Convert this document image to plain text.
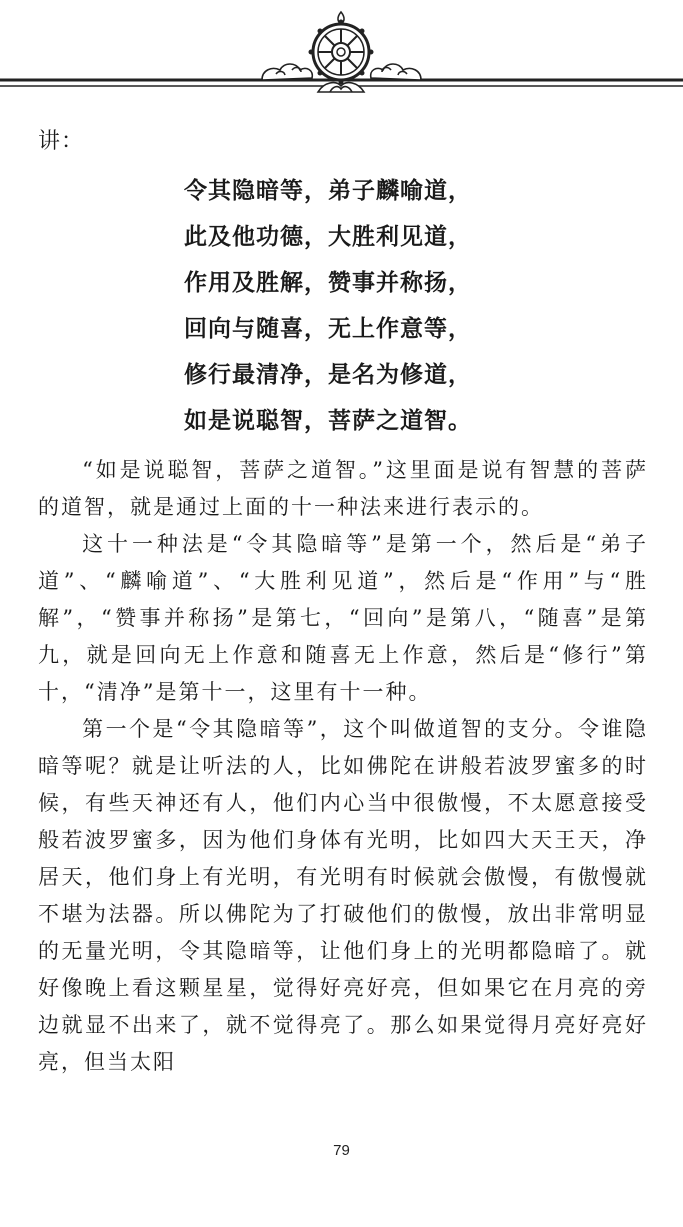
讲：
令其隐暗等，弟子麟喻道，
此及他功德，大胜利见道，
作用及胜解，赞事并称扬，
回向与随喜，无上作意等，
修行最清净，是名为修道，
如是说聪智，菩萨之道智。

“如是说聪智，菩萨之道智。”这里面是说有智慧的菩萨的道智，就是通过上面的十一种法来进行表示的。

这十一种法是“令其隐暗等”是第一个，然后是“弟子道”、“麟喻道”、“大胜利见道”，然后是“作用”与“胜解”，“赞事并称扬”是第七，“回向”是第八，“随喜”是第九，就是回向无上作意和随喜无上作意，然后是“修行”第十，“清净”是第十一，这里有十一种。

第一个是“令其隐暗等”，这个叫做道智的支分。令谁隐暗等呢？就是让听法的人，比如佛陀在讲般若波罗蜜多的时候，有些天神还有人，他们内心当中很傲慢，不太愿意接受般若波罗蜜多，因为他们身体有光明，比如四大天王天，净居天，他们身上有光明，有光明有时候就会傲慢，有傲慢就不堪为法器。所以佛陀为了打破他们的傲慢，放出非常明显的无量光明，令其隐暗等，让他们身上的光明都隐暗了。就好像晚上看这颗星星，觉得好亮好亮，但如果它在月亮的旁边就显不出来了，就不觉得亮了。那么如果觉得月亮好亮好亮，但当太阳

79
